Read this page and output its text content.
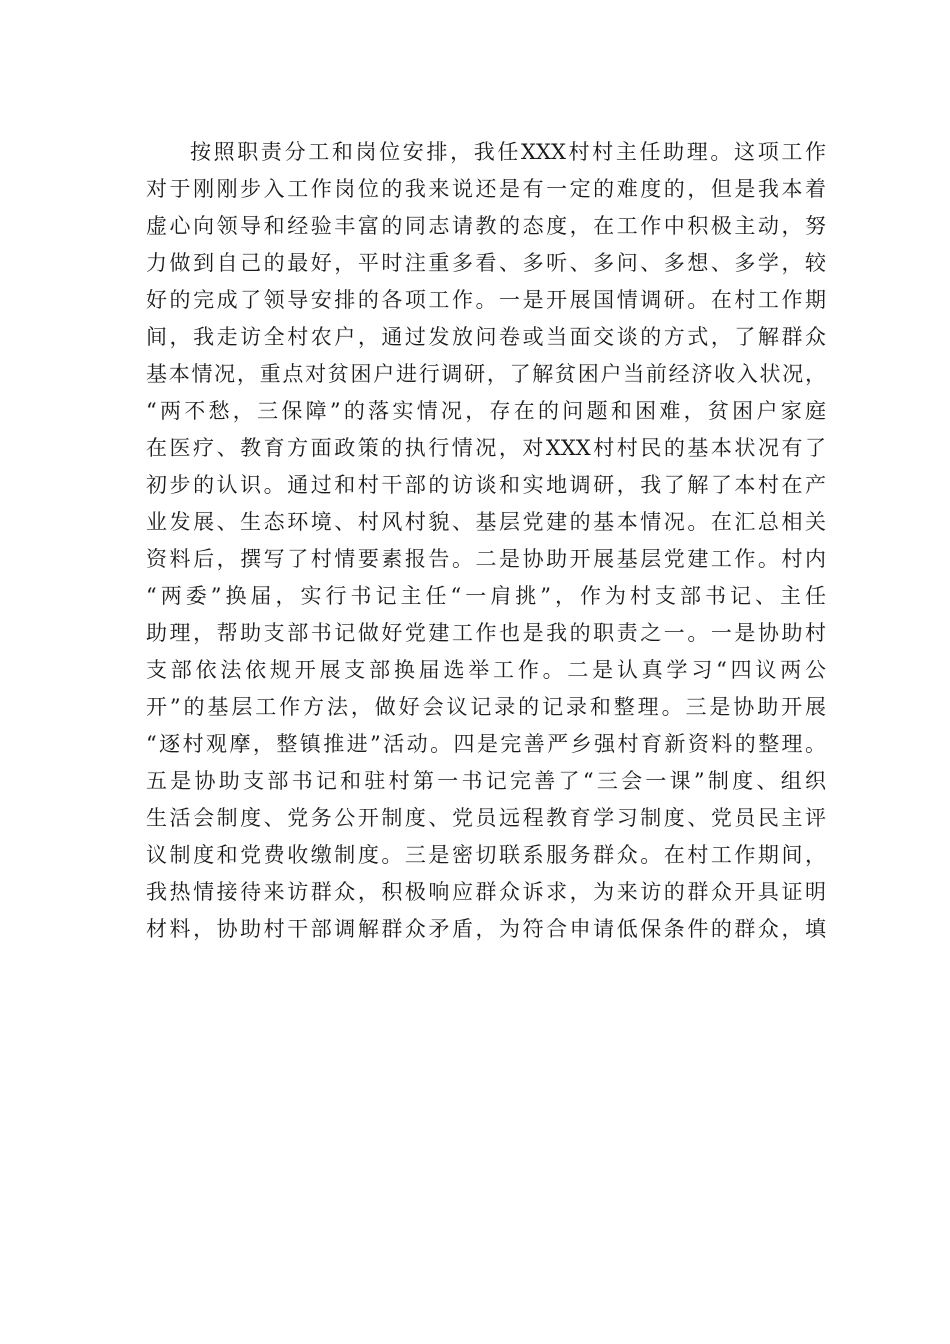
按照职责分工和岗位安排，我任XXX村村主任助理。这项工作
对于刚刚步入工作岗位的我来说还是有一定的难度的，但是我本着
虚心向领导和经验丰富的同志请教的态度，在工作中积极主动，努
力做到自己的最好，平时注重多看、多听、多问、多想、多学，较
好的完成了领导安排的各项工作。一是开展国情调研。在村工作期
间，我走访全村农户，通过发放问卷或当面交谈的方式，了解群众
基本情况，重点对贫困户进行调研，了解贫困户当前经济收入状况，
“两不愁，三保障”的落实情况，存在的问题和困难，贫困户家庭
在医疗、教育方面政策的执行情况，对XXX村村民的基本状况有了
初步的认识。通过和村干部的访谈和实地调研，我了解了本村在产
业发展、生态环境、村风村貌、基层党建的基本情况。在汇总相关
资料后，撰写了村情要素报告。二是协助开展基层党建工作。村内
“两委”换届，实行书记主任“一肩挑”，作为村支部书记、主任
助理，帮助支部书记做好党建工作也是我的职责之一。一是协助村
支部依法依规开展支部换届选举工作。二是认真学习“四议两公
开”的基层工作方法，做好会议记录的记录和整理。三是协助开展
“逐村观摩，整镇推进”活动。四是完善严乡强村育新资料的整理。
五是协助支部书记和驻村第一书记完善了“三会一课”制度、组织
生活会制度、党务公开制度、党员远程教育学习制度、党员民主评
议制度和党费收缴制度。三是密切联系服务群众。在村工作期间，
我热情接待来访群众，积极响应群众诉求，为来访的群众开具证明
材料，协助村干部调解群众矛盾，为符合申请低保条件的群众，填
